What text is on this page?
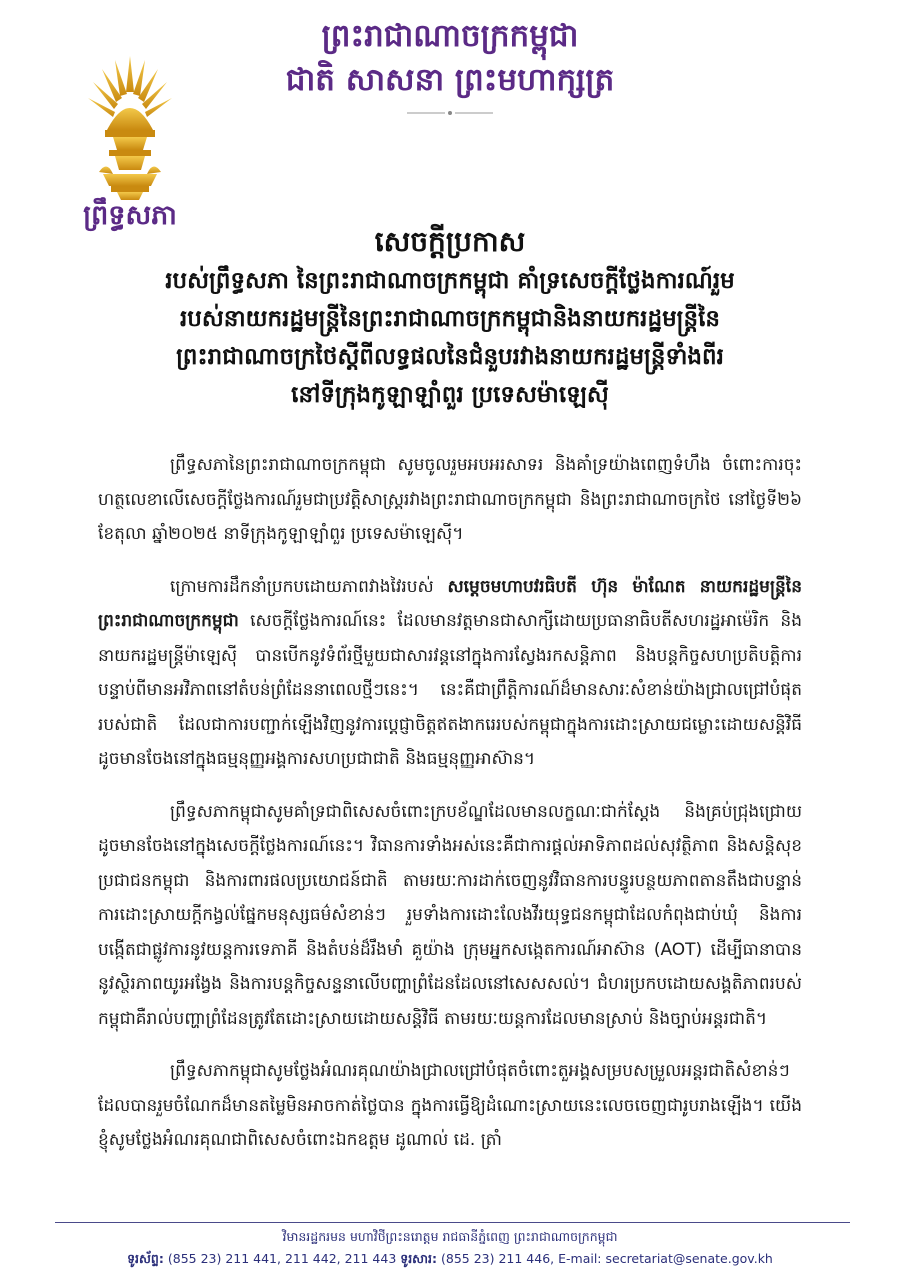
ព្រះរាជាណាចក្រកម្ពុជា
ជាតិ សាសនា ព្រះមហាក្សត្រ
ព្រឹទ្ធសភា
សេចក្តីប្រកាស
របស់ព្រឹទ្ធសភា នៃព្រះរាជាណាចក្រកម្ពុជា គាំទ្រសេចក្តីថ្លែងការណ៍រួម
របស់នាយករដ្ឋមន្ត្រីនៃព្រះរាជាណាចក្រកម្ពុជានិងនាយករដ្ឋមន្ត្រីនៃ
ព្រះរាជាណាចក្រថៃស្តីពីលទ្ធផលនៃជំនួបរវាងនាយករដ្ឋមន្ត្រីទាំងពីរ
នៅទីក្រុងកូឡាឡាំពួរ ប្រទេសម៉ាឡេស៊ី

ព្រឹទ្ធសភានៃព្រះរាជាណាចក្រកម្ពុជា សូមចូលរួមអបអរសាទរ និងគាំទ្រយ៉ាងពេញទំហឹង ចំពោះការចុះហត្ថលេខាលើសេចក្តីថ្លែងការណ៍រួមជាប្រវត្តិសាស្ត្ររវាងព្រះរាជាណាចក្រកម្ពុជា និងព្រះរាជាណាចក្រថៃ នៅថ្ងៃទី២៦ ខែតុលា ឆ្នាំ២០២៥ នាទីក្រុងកូឡាឡាំពួរ ប្រទេសម៉ាឡេស៊ី។

ក្រោមការដឹកនាំប្រកបដោយភាពវាងវៃរបស់ សម្តេចមហាបវរធិបតី ហ៊ុន ម៉ាណែត នាយករដ្ឋមន្ត្រីនៃព្រះរាជាណាចក្រកម្ពុជា សេចក្តីថ្លែងការណ៍នេះ ដែលមានវត្តមានជាសាក្សីដោយប្រធានាធិបតីសហរដ្ឋអាម៉េរិក និងនាយករដ្ឋមន្ត្រីម៉ាឡេស៊ី បានបើកនូវទំព័រថ្មីមួយជាសារវន្តនៅក្នុងការស្វែងរកសន្តិភាព និងបន្តកិច្ចសហប្រតិបត្តិការ បន្ទាប់ពីមានអវិភាពនៅតំបន់ព្រំដែននាពេលថ្មីៗនេះ។ នេះគឺជាព្រឹត្តិការណ៍ដ៏មានសារៈសំខាន់យ៉ាងជ្រាលជ្រៅបំផុតរបស់ជាតិ ដែលជាការបញ្ជាក់ឡើងវិញនូវការប្តេជ្ញាចិត្តឥតងាករេរបស់កម្ពុជាក្នុងការដោះស្រាយជម្លោះដោយសន្តិវិធី ដូចមានចែងនៅក្នុងធម្មនុញ្ញអង្គការសហប្រជាជាតិ និងធម្មនុញ្ញអាស៊ាន។

ព្រឹទ្ធសភាកម្ពុជាសូមគាំទ្រជាពិសេសចំពោះក្របខ័ណ្ឌដែលមានលក្ខណៈជាក់ស្តែង និងគ្រប់ជ្រុងជ្រោយ ដូចមានចែងនៅក្នុងសេចក្តីថ្លែងការណ៍នេះ។ វិធានការទាំងអស់នេះគឺជាការផ្តល់អាទិភាពដល់សុវត្ថិភាព និងសន្តិសុខប្រជាជនកម្ពុជា និងការពារផលប្រយោជន៍ជាតិ តាមរយៈការដាក់ចេញនូវវិធានការបន្ធូរបន្ថយភាពតានតឹងជាបន្ទាន់ ការដោះស្រាយក្តីកង្វល់ផ្នែកមនុស្សធម៌សំខាន់ៗ រួមទាំងការដោះលែងវីរយុទ្ធជនកម្ពុជាដែលកំពុងជាប់ឃុំ និងការបង្កើតជាផ្លូវការនូវយន្តការទេភាគី និងតំបន់ដ៏រឹងមាំ គួយ៉ាង ក្រុមអ្នកសង្កេតការណ៍អាស៊ាន (AOT) ដើម្បីធានាបាននូវស្ថិរភាពយូរអង្វែង និងការបន្តកិច្ចសន្ទនាលើបញ្ហាព្រំដែនដែលនៅសេសសល់។ ជំហរប្រកបដោយសង្គតិភាពរបស់កម្ពុជាគឺរាល់បញ្ហាព្រំដែនត្រូវតែដោះស្រាយដោយសន្តិវិធី តាមរយៈយន្តការដែលមានស្រាប់ និងច្បាប់អន្តរជាតិ។

ព្រឹទ្ធសភាកម្ពុជាសូមថ្លែងអំណរគុណយ៉ាងជ្រាលជ្រៅបំផុតចំពោះតួអង្គសម្របសម្រួលអន្តរជាតិសំខាន់ៗដែលបានរួមចំណែកដ៏មានតម្លៃមិនអាចកាត់ថ្លៃបាន ក្នុងការធ្វើឱ្យដំណោះស្រាយនេះលេចចេញជារូបរាងឡើង។ យើងខ្ញុំសូមថ្លែងអំណរគុណជាពិសេសចំពោះឯកឧត្តម ដូណាល់ ដេ. ត្រាំ

វិមានរដ្ឋករមន មហាវិថីព្រះនរោត្តម រាជធានីភ្នំពេញ ព្រះរាជាណាចក្រកម្ពុជា
ទូរស័ព្ទ: (855 23) 211 441, 211 442, 211 443 ទូរសារ: (855 23) 211 446, E-mail: secretariat@senate.gov.kh
